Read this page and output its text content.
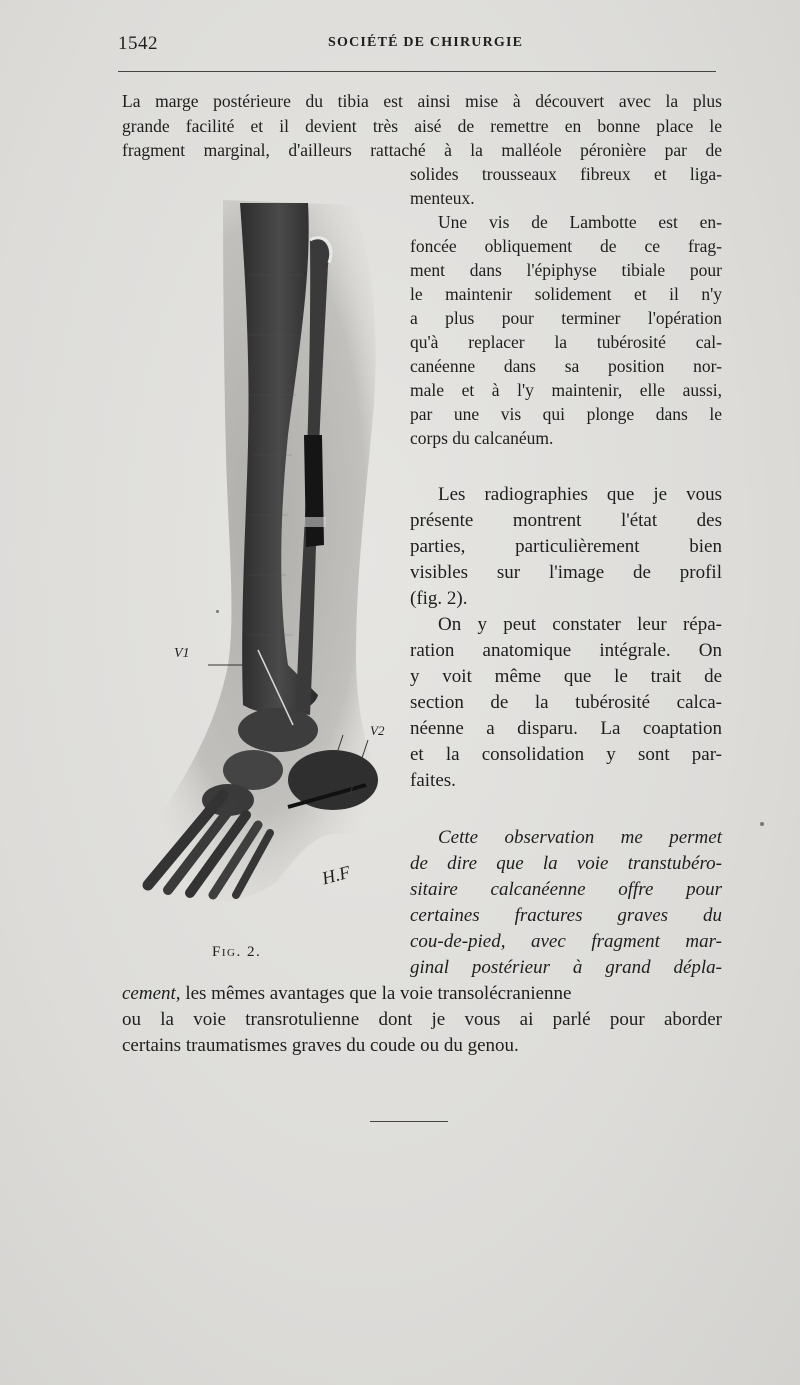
1542	SOCIÉTÉ DE CHIRURGIE
La marge postérieure du tibia est ainsi mise à découvert avec la plus
grande facilité et il devient très aisé de remettre en bonne place le
fragment marginal, d'ailleurs rattaché à la malléole péronière par de
solides trousseaux fibreux et liga-
menteux.
Une vis de Lambotte est en-
foncée obliquement de ce frag-
ment dans l'épiphyse tibiale pour
le maintenir solidement et il n'y
a plus pour terminer l'opération
qu'à replacer la tubérosité cal-
canéenne dans sa position nor-
male et à l'y maintenir, elle aussi,
par une vis qui plonge dans le
corps du calcanéum.
Les radiographies que je vous
présente montrent l'état des
parties, particulièrement bien
visibles sur l'image de profil
(fig. 2).
On y peut constater leur répa-
ration anatomique intégrale. On
y voit même que le trait de
section de la tubérosité calca-
néenne a disparu. La coaptation
et la consolidation y sont par-
faites.
Cette observation me permet
de dire que la voie transtubéro-
sitaire calcanéenne offre pour
certaines fractures graves du
cou-de-pied, avec fragment mar-
ginal postérieur à grand dépla-
cement, les mêmes avantages que la voie transolécranienne
ou la voie transrotulienne dont je vous ai parlé pour aborder
certains traumatismes graves du coude ou du genou.
V1
V2
H.F
Fig. 2.
